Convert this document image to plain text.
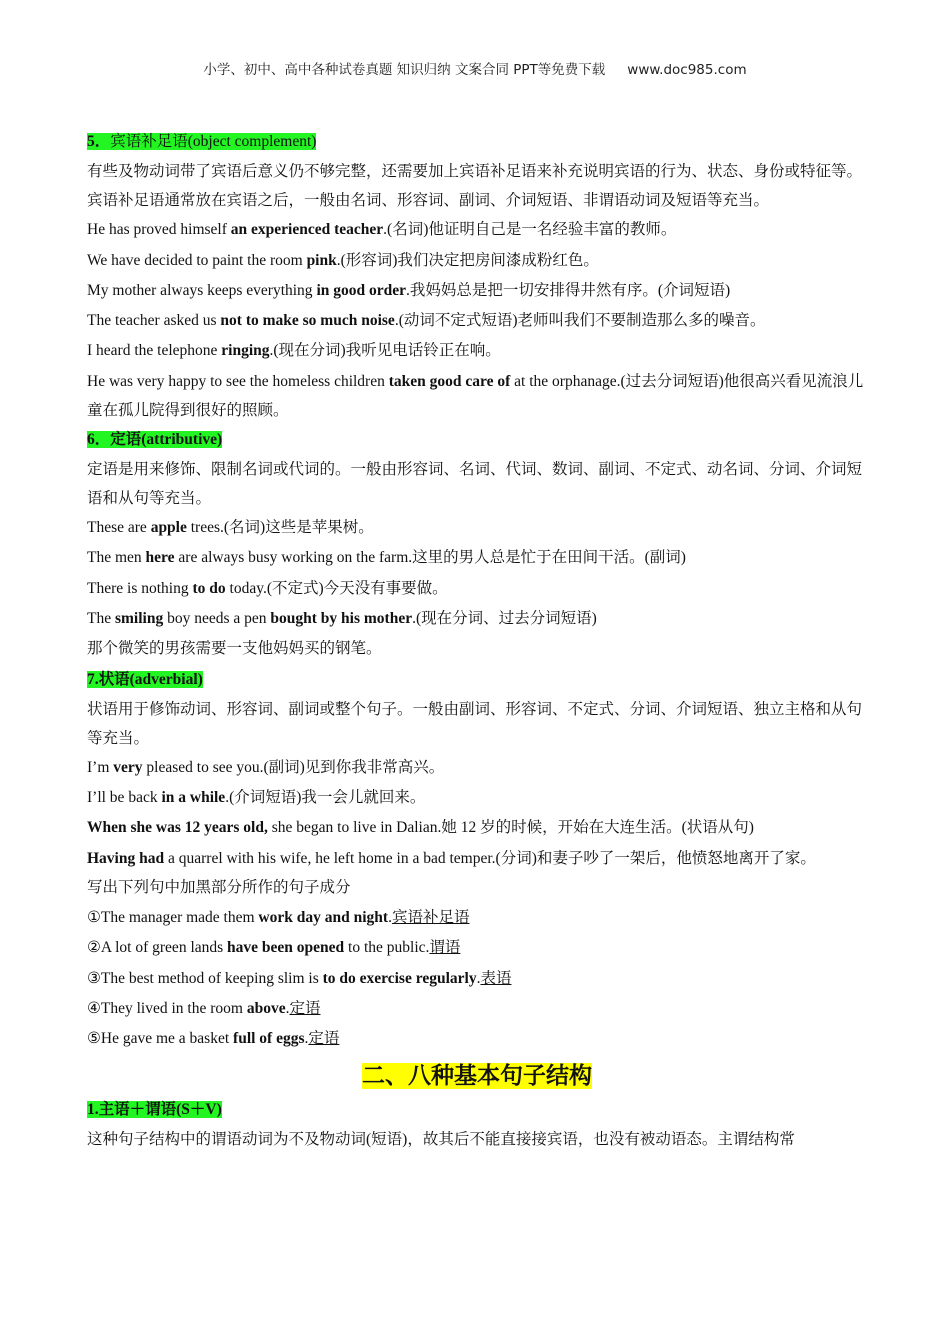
小学、初中、高中各种试卷真题 知识归纳 文案合同 PPT等免费下载 www.doc985.com
5．宾语补足语(object complement)
有些及物动词带了宾语后意义仍不够完整，还需要加上宾语补足语来补充说明宾语的行为、状态、身份或特征等。宾语补足语通常放在宾语之后，一般由名词、形容词、副词、介词短语、非谓语动词及短语等充当。
He has proved himself an experienced teacher.(名词)他证明自己是一名经验丰富的教师。
We have decided to paint the room pink.(形容词)我们决定把房间漆成粉红色。
My mother always keeps everything in good order.我妈妈总是把一切安排得井然有序。(介词短语)
The teacher asked us not to make so much noise.(动词不定式短语)老师叫我们不要制造那么多的噪音。
I heard the telephone ringing.(现在分词)我听见电话铃正在响。
He was very happy to see the homeless children taken good care of at the orphanage.(过去分词短语)他很高兴看见流浪儿童在孤儿院得到很好的照顾。
6．定语(attributive)
定语是用来修饰、限制名词或代词的。一般由形容词、名词、代词、数词、副词、不定式、动名词、分词、介词短语和从句等充当。
These are apple trees.(名词)这些是苹果树。
The men here are always busy working on the farm.这里的男人总是忙于在田间干活。(副词)
There is nothing to do today.(不定式)今天没有事要做。
The smiling boy needs a pen bought by his mother.(现在分词、过去分词短语)
那个微笑的男孩需要一支他妈妈买的钢笔。
7.状语(adverbial)
状语用于修饰动词、形容词、副词或整个句子。一般由副词、形容词、不定式、分词、介词短语、独立主格和从句等充当。
I’m very pleased to see you.(副词)见到你我非常高兴。
I’ll be back in a while.(介词短语)我一会儿就回来。
When she was 12 years old, she began to live in Dalian.她 12 岁的时候，开始在大连生活。(状语从句)
Having had a quarrel with his wife, he left home in a bad temper.(分词)和妻子吵了一架后，他愤怒地离开了家。
写出下列句中加黑部分所作的句子成分
①The manager made them work day and night.宾语补足语
②A lot of green lands have been opened to the public.谓语
③The best method of keeping slim is to do exercise regularly.表语
④They lived in the room above.定语
⑤He gave me a basket full of eggs.定语
二、八种基本句子结构
1.主语＋谓语(S＋V)
这种句子结构中的谓语动词为不及物动词(短语)，故其后不能直接接宾语，也没有被动语态。主谓结构常
